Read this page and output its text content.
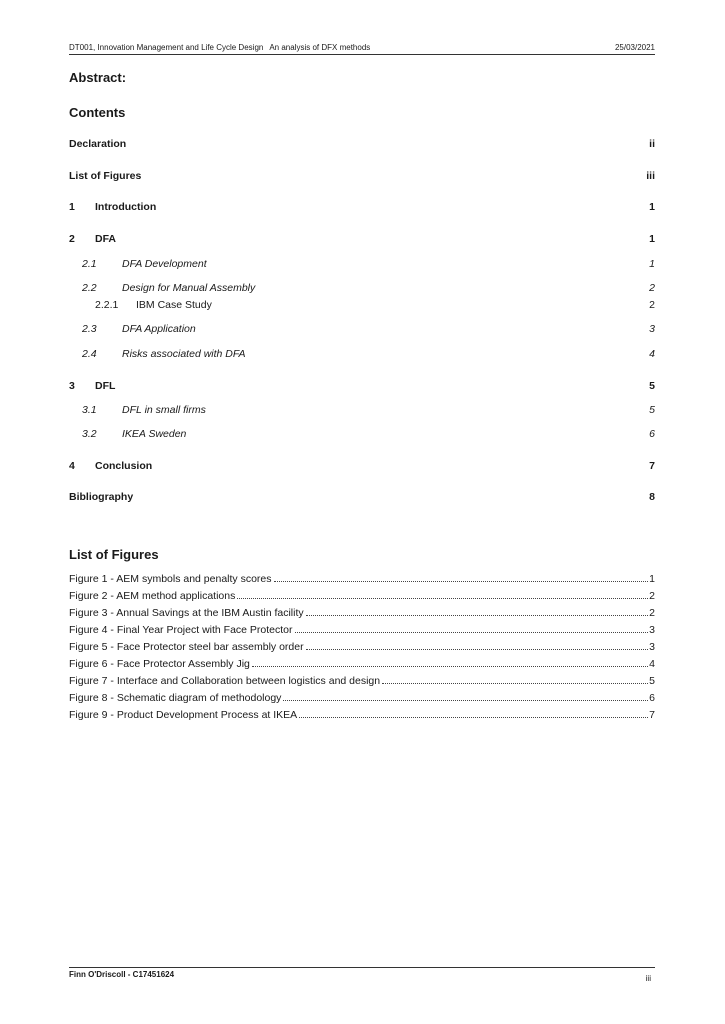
DT001, Innovation Management and Life Cycle Design An analysis of DFX methods	25/03/2021
Abstract:
Contents
Declaration	ii
List of Figures	iii
1 Introduction	1
2 DFA	1
2.1 DFA Development	1
2.2 Design for Manual Assembly	2
2.2.1 IBM Case Study	2
2.3 DFA Application	3
2.4 Risks associated with DFA	4
3 DFL	5
3.1 DFL in small firms	5
3.2 IKEA Sweden	6
4 Conclusion	7
Bibliography	8
List of Figures
Figure 1 - AEM symbols and penalty scores	1
Figure 2 - AEM method applications	2
Figure 3 - Annual Savings at the IBM Austin facility	2
Figure 4 - Final Year Project with Face Protector	3
Figure 5 - Face Protector steel bar assembly order	3
Figure 6 - Face Protector Assembly Jig	4
Figure 7 - Interface and Collaboration between logistics and design	5
Figure 8 - Schematic diagram of methodology	6
Figure 9 - Product Development Process at IKEA	7
Finn O'Driscoll - C17451624	iii
